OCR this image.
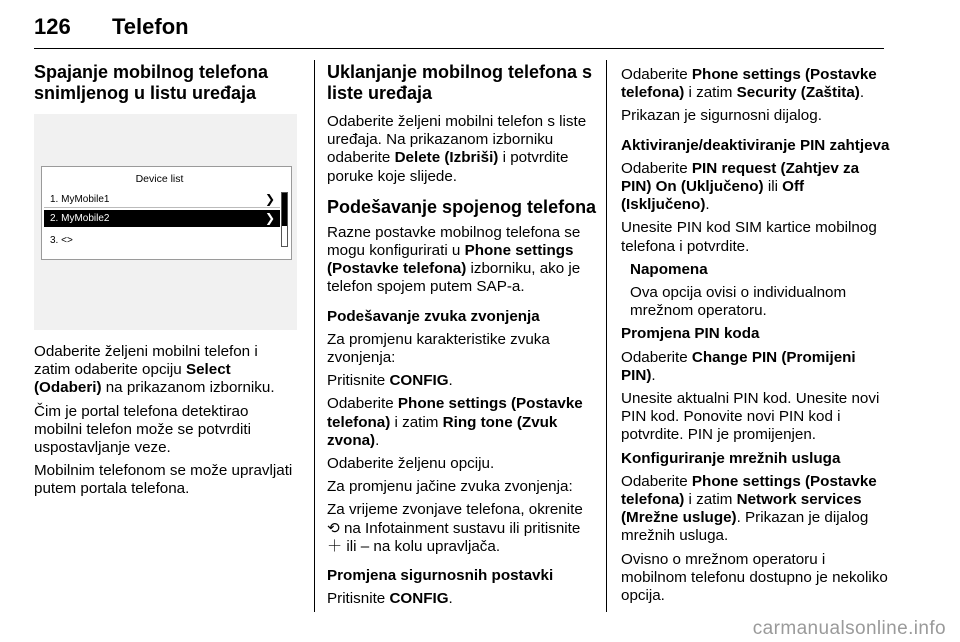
126 Telefon
Spajanje mobilnog telefona snimljenog u listu uređaja
Device list
1. MyMobile1	❯
2. MyMobile2	❯
3. <>

Odaberite željeni mobilni telefon i zatim odaberite opciju Select (Odaberi) na prikazanom izborniku.

Čim je portal telefona detektirao mobilni telefon može se potvrditi uspostavljanje veze.

Mobilnim telefonom se može upravljati putem portala telefona.

Uklanjanje mobilnog telefona s liste uređaja

Odaberite željeni mobilni telefon s liste uređaja. Na prikazanom izborniku odaberite Delete (Izbriši) i potvrdite poruke koje slijede.

Podešavanje spojenog telefona

Razne postavke mobilnog telefona se mogu konfigurirati u Phone settings (Postavke telefona) izborniku, ako je telefon spojem putem SAP-a.

Podešavanje zvuka zvonjenja

Za promjenu karakteristike zvuka zvonjenja:

Pritisnite CONFIG.

Odaberite Phone settings (Postavke telefona) i zatim Ring tone (Zvuk zvona).

Odaberite željenu opciju.

Za promjenu jačine zvuka zvonjenja:

Za vrijeme zvonjave telefona, okrenite ⟲ na Infotainment sustavu ili pritisnite ＋ ili – na kolu upravljača.

Promjena sigurnosnih postavki

Pritisnite CONFIG.

Odaberite Phone settings (Postavke telefona) i zatim Security (Zaštita).

Prikazan je sigurnosni dijalog.

Aktiviranje/deaktiviranje PIN zahtjeva

Odaberite PIN request (Zahtjev za PIN) On (Uključeno) ili Off (Isključeno).

Unesite PIN kod SIM kartice mobilnog telefona i potvrdite.

Napomena

Ova opcija ovisi o individualnom mrežnom operatoru.

Promjena PIN koda

Odaberite Change PIN (Promijeni PIN).

Unesite aktualni PIN kod. Unesite novi PIN kod. Ponovite novi PIN kod i potvrdite. PIN je promijenjen.

Konfiguriranje mrežnih usluga

Odaberite Phone settings (Postavke telefona) i zatim Network services (Mrežne usluge). Prikazan je dijalog mrežnih usluga.

Ovisno o mrežnom operatoru i mobilnom telefonu dostupno je nekoliko opcija.

carmanualsonline.info
